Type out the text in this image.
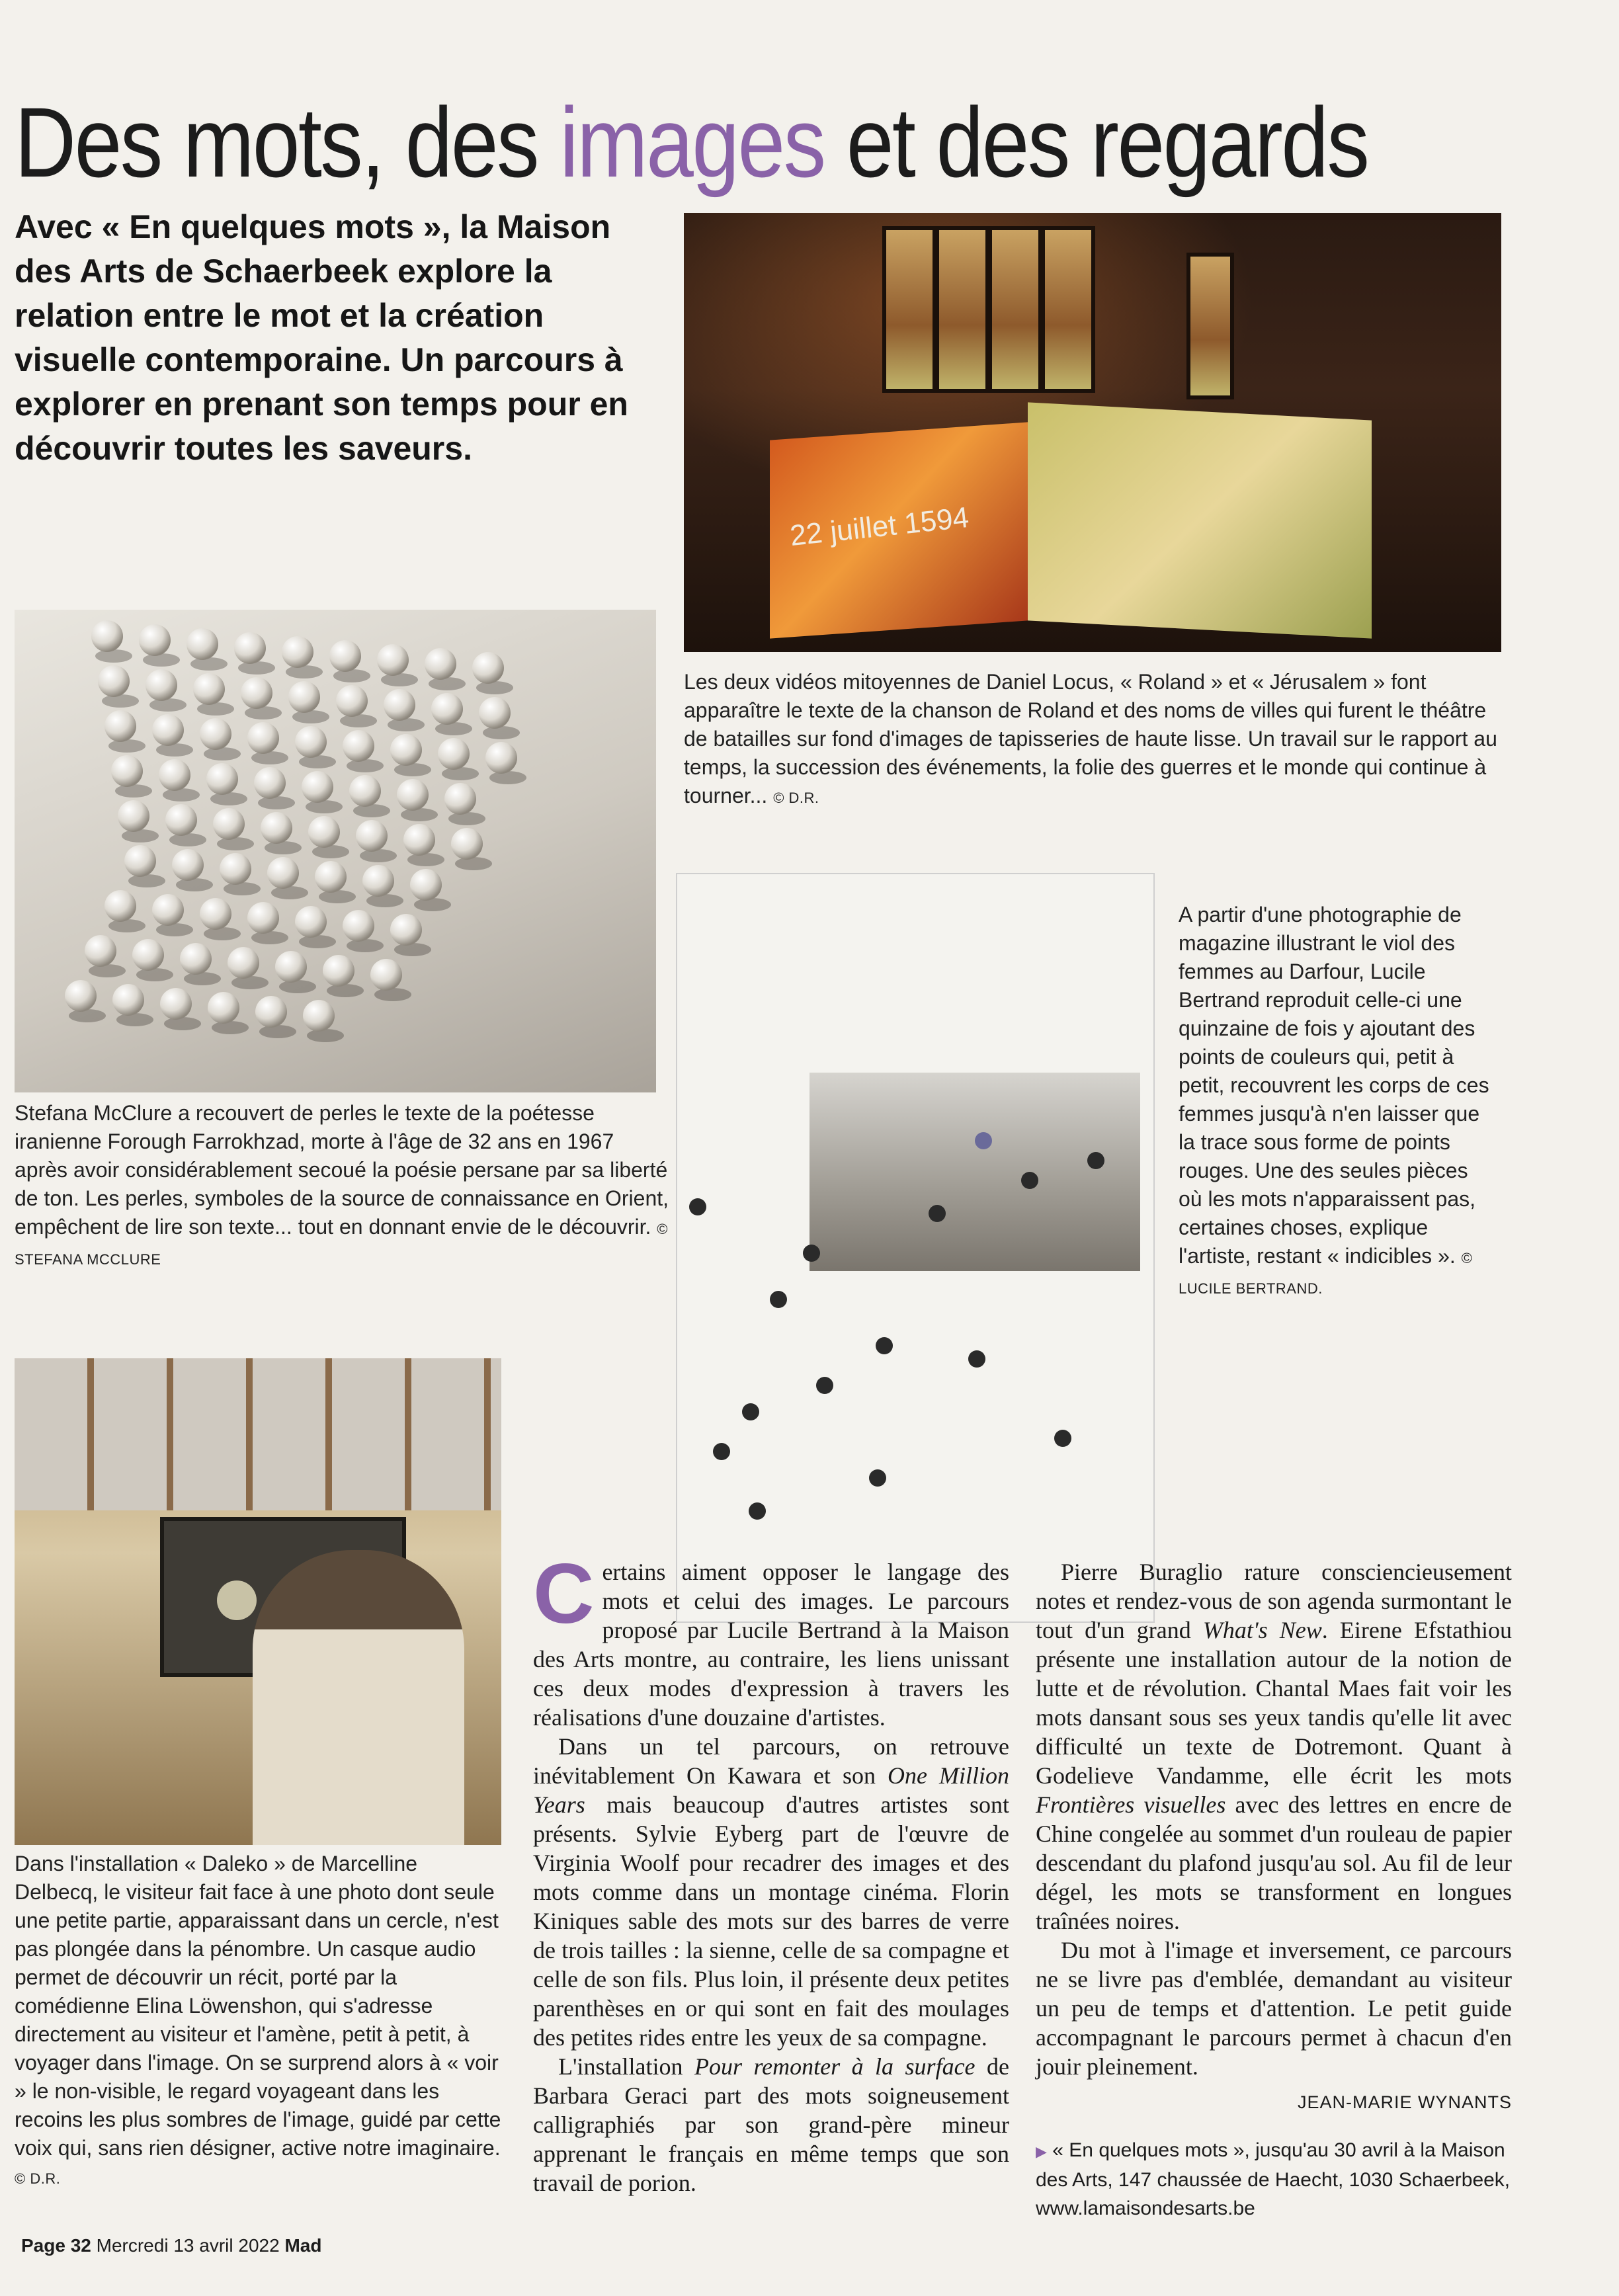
Des mots, des images et des regards
Avec « En quelques mots », la Maison des Arts de Schaerbeek explore la relation entre le mot et la création visuelle contemporaine. Un parcours à explorer en prenant son temps pour en découvrir toutes les saveurs.
22 juillet 1594
Les deux vidéos mitoyennes de Daniel Locus, « Roland » et « Jérusalem » font apparaître le texte de la chanson de Roland et des noms de villes qui furent le théâtre de batailles sur fond d'images de tapisseries de haute lisse. Un travail sur le rapport au temps, la succession des événements, la folie des guerres et le monde qui continue à tourner... © D.R.
Stefana McClure a recouvert de perles le texte de la poétesse iranienne Forough Farrokhzad, morte à l'âge de 32 ans en 1967 après avoir considérablement secoué la poésie persane par sa liberté de ton. Les perles, symboles de la source de connaissance en Orient, empêchent de lire son texte... tout en donnant envie de le découvrir. © STEFANA MCCLURE
A partir d'une photographie de magazine illustrant le viol des femmes au Darfour, Lucile Bertrand reproduit celle-ci une quinzaine de fois y ajoutant des points de couleurs qui, petit à petit, recouvrent les corps de ces femmes jusqu'à n'en laisser que la trace sous forme de points rouges. Une des seules pièces où les mots n'apparaissent pas, certaines choses, explique l'artiste, restant « indicibles ». © LUCILE BERTRAND.
Dans l'installation « Daleko » de Marcelline Delbecq, le visiteur fait face à une photo dont seule une petite partie, apparaissant dans un cercle, n'est pas plongée dans la pénombre. Un casque audio permet de découvrir un récit, porté par la comédienne Elina Löwenshon, qui s'adresse directement au visiteur et l'amène, petit à petit, à voyager dans l'image. On se surprend alors à « voir » le non-visible, le regard voyageant dans les recoins les plus sombres de l'image, guidé par cette voix qui, sans rien désigner, active notre imaginaire.
© D.R.

Certains aiment opposer le langage des mots et celui des images. Le parcours proposé par Lucile Bertrand à la Maison des Arts montre, au contraire, les liens unissant ces deux modes d'expression à travers les réalisations d'une douzaine d'artistes.

Dans un tel parcours, on retrouve inévitablement On Kawara et son One Million Years mais beaucoup d'autres artistes sont présents. Sylvie Eyberg part de l'œuvre de Virginia Woolf pour recadrer des images et des mots comme dans un montage cinéma. Florin Kiniques sable des mots sur des barres de verre de trois tailles : la sienne, celle de sa compagne et celle de son fils. Plus loin, il présente deux petites parenthèses en or qui sont en fait des moulages des petites rides entre les yeux de sa compagne.

L'installation Pour remonter à la surface de Barbara Geraci part des mots soigneusement calligraphiés par son grand-père mineur apprenant le français en même temps que son travail de porion.

Pierre Buraglio rature consciencieusement notes et rendez-vous de son agenda surmontant le tout d'un grand What's New. Eirene Efstathiou présente une installation autour de la notion de lutte et de révolution. Chantal Maes fait voir les mots dansant sous ses yeux tandis qu'elle lit avec difficulté un texte de Dotremont. Quant à Godelieve Vandamme, elle écrit les mots Frontières visuelles avec des lettres en encre de Chine congelée au sommet d'un rouleau de papier descendant du plafond jusqu'au sol. Au fil de leur dégel, les mots se transforment en longues traînées noires.

Du mot à l'image et inversement, ce parcours ne se livre pas d'emblée, demandant au visiteur un peu de temps et d'attention. Le petit guide accompagnant le parcours permet à chacun d'en jouir pleinement.

JEAN-MARIE WYNANTS
▶ « En quelques mots », jusqu'au 30 avril à la Maison des Arts, 147 chaussée de Haecht, 1030 Schaerbeek,
www.lamaisondesarts.be
Page 32 Mercredi 13 avril 2022 Mad
